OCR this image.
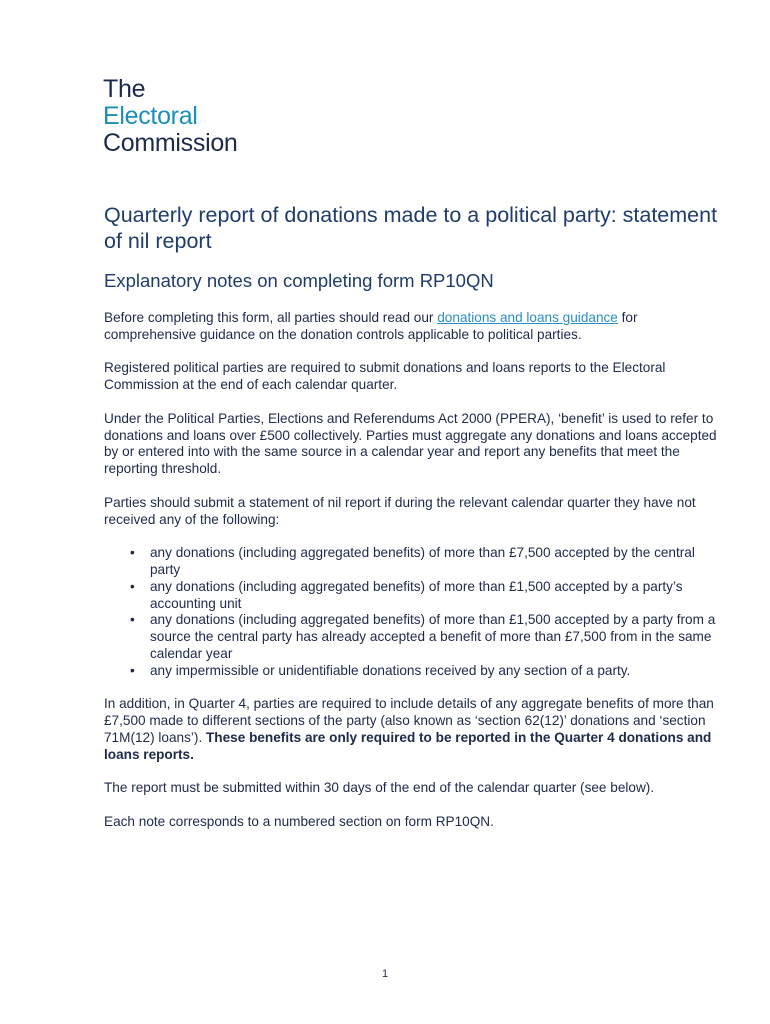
The
Electoral
Commission
Quarterly report of donations made to a political party: statement of nil report
Explanatory notes on completing form RP10QN

Before completing this form, all parties should read our donations and loans guidance for comprehensive guidance on the donation controls applicable to political parties.

Registered political parties are required to submit donations and loans reports to the Electoral Commission at the end of each calendar quarter.

Under the Political Parties, Elections and Referendums Act 2000 (PPERA), ‘benefit’ is used to refer to donations and loans over £500 collectively. Parties must aggregate any donations and loans accepted by or entered into with the same source in a calendar year and report any benefits that meet the reporting threshold.

Parties should submit a statement of nil report if during the relevant calendar quarter they have not received any of the following:

• any donations (including aggregated benefits) of more than £7,500 accepted by the central party
• any donations (including aggregated benefits) of more than £1,500 accepted by a party’s accounting unit
• any donations (including aggregated benefits) of more than £1,500 accepted by a party from a source the central party has already accepted a benefit of more than £7,500 from in the same calendar year
• any impermissible or unidentifiable donations received by any section of a party.

In addition, in Quarter 4, parties are required to include details of any aggregate benefits of more than £7,500 made to different sections of the party (also known as ‘section 62(12)’ donations and ‘section 71M(12) loans’). These benefits are only required to be reported in the Quarter 4 donations and loans reports.

The report must be submitted within 30 days of the end of the calendar quarter (see below).

Each note corresponds to a numbered section on form RP10QN.

1
